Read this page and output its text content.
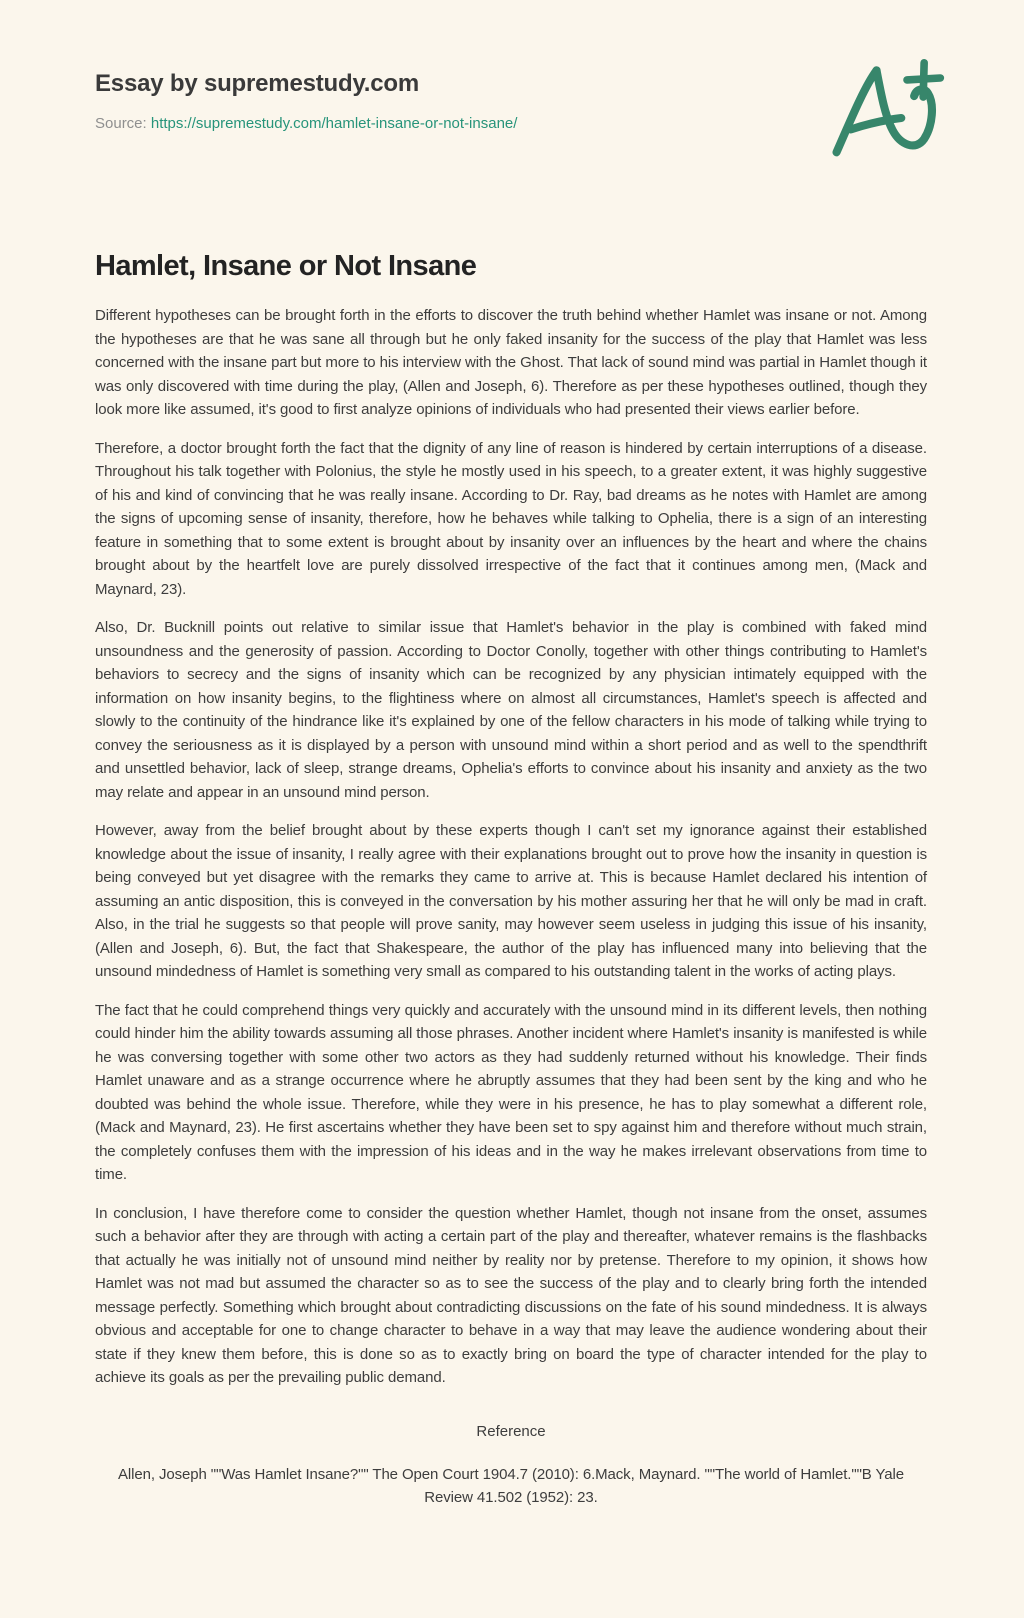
Essay by supremestudy.com
Source: https://supremestudy.com/hamlet-insane-or-not-insane/
Hamlet, Insane or Not Insane

Different hypotheses can be brought forth in the efforts to discover the truth behind whether Hamlet was insane or not. Among the hypotheses are that he was sane all through but he only faked insanity for the success of the play that Hamlet was less concerned with the insane part but more to his interview with the Ghost. That lack of sound mind was partial in Hamlet though it was only discovered with time during the play, (Allen and Joseph, 6). Therefore as per these hypotheses outlined, though they look more like assumed, it's good to first analyze opinions of individuals who had presented their views earlier before.

Therefore, a doctor brought forth the fact that the dignity of any line of reason is hindered by certain interruptions of a disease. Throughout his talk together with Polonius, the style he mostly used in his speech, to a greater extent, it was highly suggestive of his and kind of convincing that he was really insane. According to Dr. Ray, bad dreams as he notes with Hamlet are among the signs of upcoming sense of insanity, therefore, how he behaves while talking to Ophelia, there is a sign of an interesting feature in something that to some extent is brought about by insanity over an influences by the heart and where the chains brought about by the heartfelt love are purely dissolved irrespective of the fact that it continues among men, (Mack and Maynard, 23).

Also, Dr. Bucknill points out relative to similar issue that Hamlet's behavior in the play is combined with faked mind unsoundness and the generosity of passion. According to Doctor Conolly, together with other things contributing to Hamlet's behaviors to secrecy and the signs of insanity which can be recognized by any physician intimately equipped with the information on how insanity begins, to the flightiness where on almost all circumstances, Hamlet's speech is affected and slowly to the continuity of the hindrance like it's explained by one of the fellow characters in his mode of talking while trying to convey the seriousness as it is displayed by a person with unsound mind within a short period and as well to the spendthrift and unsettled behavior, lack of sleep, strange dreams, Ophelia's efforts to convince about his insanity and anxiety as the two may relate and appear in an unsound mind person.

However, away from the belief brought about by these experts though I can't set my ignorance against their established knowledge about the issue of insanity, I really agree with their explanations brought out to prove how the insanity in question is being conveyed but yet disagree with the remarks they came to arrive at. This is because Hamlet declared his intention of assuming an antic disposition, this is conveyed in the conversation by his mother assuring her that he will only be mad in craft. Also, in the trial he suggests so that people will prove sanity, may however seem useless in judging this issue of his insanity, (Allen and Joseph, 6). But, the fact that Shakespeare, the author of the play has influenced many into believing that the unsound mindedness of Hamlet is something very small as compared to his outstanding talent in the works of acting plays.

The fact that he could comprehend things very quickly and accurately with the unsound mind in its different levels, then nothing could hinder him the ability towards assuming all those phrases. Another incident where Hamlet's insanity is manifested is while he was conversing together with some other two actors as they had suddenly returned without his knowledge. Their finds Hamlet unaware and as a strange occurrence where he abruptly assumes that they had been sent by the king and who he doubted was behind the whole issue. Therefore, while they were in his presence, he has to play somewhat a different role, (Mack and Maynard, 23). He first ascertains whether they have been set to spy against him and therefore without much strain, the completely confuses them with the impression of his ideas and in the way he makes irrelevant observations from time to time.

In conclusion, I have therefore come to consider the question whether Hamlet, though not insane from the onset, assumes such a behavior after they are through with acting a certain part of the play and thereafter, whatever remains is the flashbacks that actually he was initially not of unsound mind neither by reality nor by pretense. Therefore to my opinion, it shows how Hamlet was not mad but assumed the character so as to see the success of the play and to clearly bring forth the intended message perfectly. Something which brought about contradicting discussions on the fate of his sound mindedness. It is always obvious and acceptable for one to change character to behave in a way that may leave the audience wondering about their state if they knew them before, this is done so as to exactly bring on board the type of character intended for the play to achieve its goals as per the prevailing public demand.

Reference
Allen, Joseph ""Was Hamlet Insane?"" The Open Court 1904.7 (2010): 6.Mack, Maynard. ""The world of Hamlet.""B Yale Review 41.502 (1952): 23.
